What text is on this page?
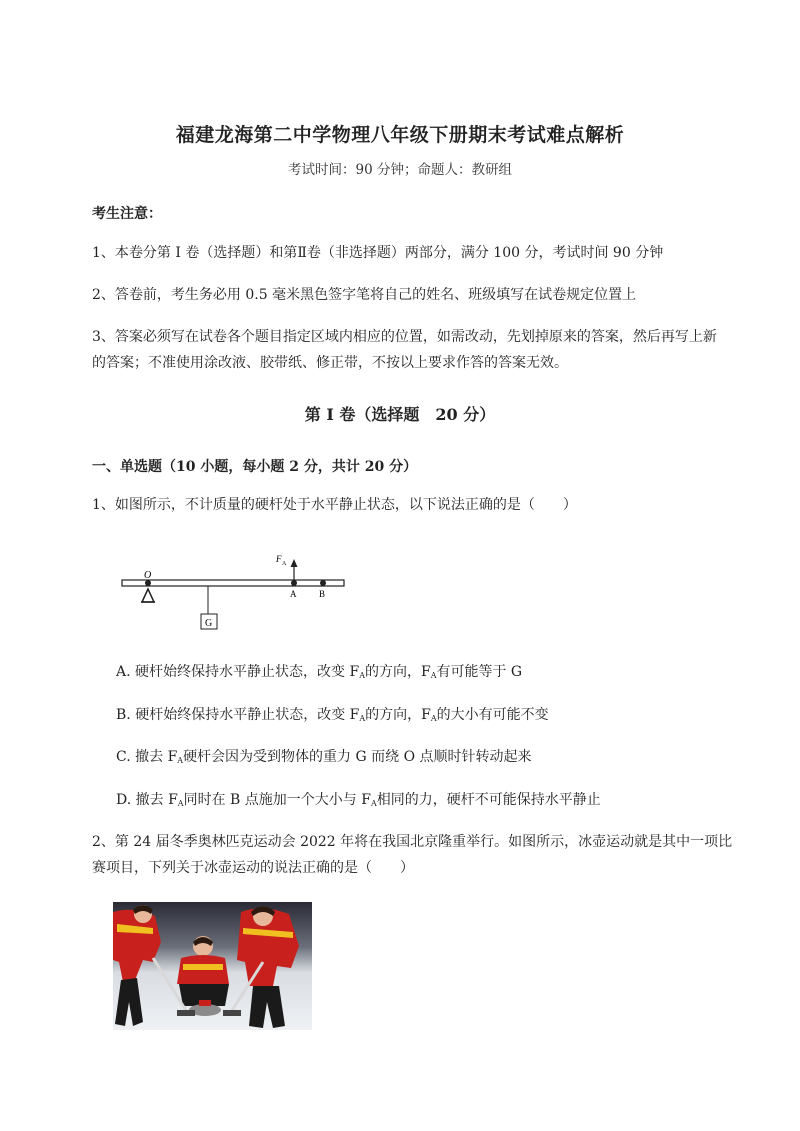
福建龙海第二中学物理八年级下册期末考试难点解析
考试时间：90 分钟；命题人：教研组
考生注意：
1、本卷分第 I 卷（选择题）和第Ⅱ卷（非选择题）两部分，满分 100 分，考试时间 90 分钟
2、答卷前，考生务必用 0.5 毫米黑色签字笔将自己的姓名、班级填写在试卷规定位置上
3、答案必须写在试卷各个题目指定区域内相应的位置，如需改动，先划掉原来的答案，然后再写上新
的答案；不准使用涂改液、胶带纸、修正带，不按以上要求作答的答案无效。
第 I 卷（选择题　20 分）
一、单选题（10 小题，每小题 2 分，共计 20 分）
1、如图所示，不计质量的硬杆处于水平静止状态，以下说法正确的是（　　）
O
G
F A
A	B
A. 硬杆始终保持水平静止状态，改变 $F_A$的方向，$F_A$有可能等于 G
B. 硬杆始终保持水平静止状态，改变 $F_A$的方向，$F_A$的大小有可能不变
C. 撤去 $F_A$硬杆会因为受到物体的重力 G 而绕 O 点顺时针转动起来
D. 撤去 $F_A$同时在 B 点施加一个大小与 $F_A$相同的力，硬杆不可能保持水平静止
2、第 24 届冬季奥林匹克运动会 2022 年将在我国北京隆重举行。如图所示，冰壶运动就是其中一项比
赛项目，下列关于冰壶运动的说法正确的是（　　）
